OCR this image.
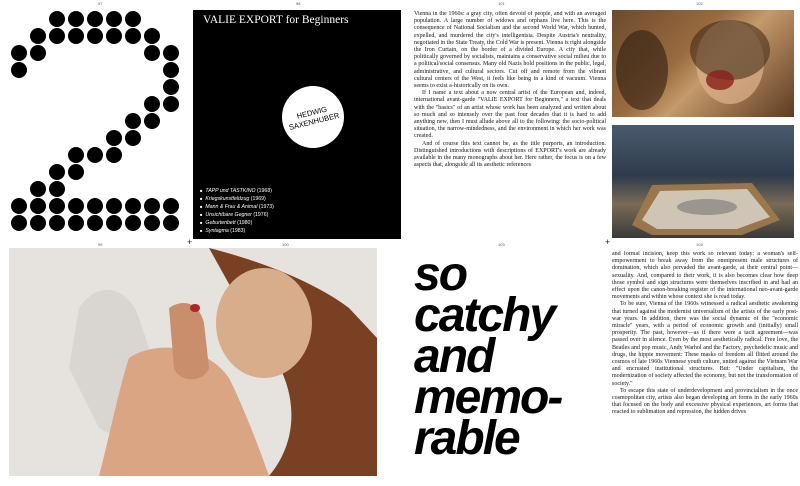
97	98	101	102
99	100	103	104
+	+
VALIE EXPORT for Beginners
HEDWIG
SAXENHUBER
■ TAPP und TASTKINO (1968)
■ Kriegskunstfeldzug (1969)
■ Mann & Frau & Animal (1973)
■ Unsichtbare Gegner (1976)
■ Geburtenbett (1980)
■ Syntagma (1983)

Vienna in the 1960s: a gray city, often devoid of people, and with an averaged population. A large number of widows and orphans live here. This is the consequence of National Socialism and the second World War, which hunted, expelled, and murdered the city's intelligentsia. Despite Austria's neutrality, negotiated in the State Treaty, the Cold War is present. Vienna is right alongside the Iron Curtain, on the border of a divided Europe. A city that, while politically governed by socialists, maintains a conservative social milieu due to a political/social consensus. Many old Nazis hold positions in the public, legal, administrative, and cultural sectors. Cut off and remote from the vibrant cultural centers of the West, it feels like being in a kind of vacuum. Vienna seems to exist a-historically on its own.

If I name a text about a now central artist of the European and, indeed, international avant-garde "VALIE EXPORT for Beginners," a text that deals with the "basics" of an artist whose work has been analyzed and written about so much and so intensely over the past four decades that it is hard to add anything new, then I must allude above all to the following: the socio-political situation, the narrow-mindedness, and the environment in which her work was created.

And of course this text cannot be, as the title purports, an introduction. Distinguished introductions with descriptions of EXPORT's work are already available in the many monographs about her. Here rather, the focus is on a few aspects that, alongside all its aesthetic references

so
catchy
and
memo-
rable

and formal incision, keep this work so relevant today: a woman's self-empowerment to break away from the omnipresent male structures of domination, which also pervaded the avant-garde, at their central point—sexuality. And, compared to their work, it is also becomes clear how deep those symbol and sign structures were themselves inscribed in and had an effect upon the canon-breaking register of the international neo-avant-garde movements and within whose context she is read today.

To be sure, Vienna of the 1960s witnessed a radical aesthetic awakening that turned against the modernist universalism of the artists of the early post-war years. In addition, there was the social dynamic of the "economic miracle" years, with a period of economic growth and (initially) small prosperity. The past, however—as if there were a tacit agreement—was passed over in silence. Even by the most aesthetically radical. Free love, the Beatles and pop music, Andy Warhol and the Factory, psychedelic music and drugs, the hippie movement: These masks of freedom all flitted around the cosmos of late 1960s Viennese youth culture, united against the Vietnam War and encrusted institutional structures. But: "Under capitalism, the modernization of society affected the economy, but not the transformation of society."

To escape this state of underdevelopment and provincialism in the once cosmopolitan city, artists also began developing art forms in the early 1960s that focused on the body and excessive physical experiences, art forms that reacted to sublimation and repression, the hidden drives
